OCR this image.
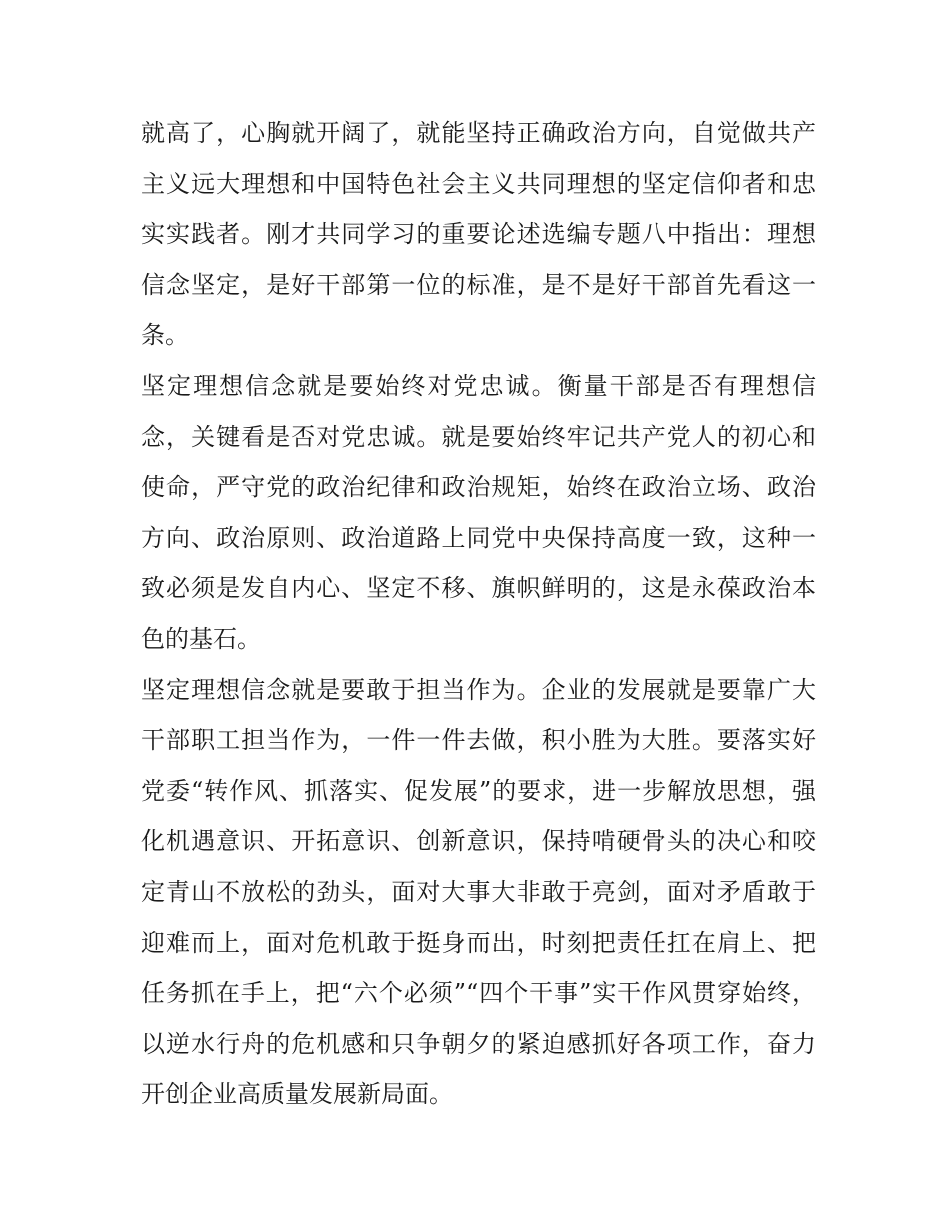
就高了，心胸就开阔了，就能坚持正确政治方向，自觉做共产
主义远大理想和中国特色社会主义共同理想的坚定信仰者和忠
实实践者。刚才共同学习的重要论述选编专题八中指出：理想
信念坚定，是好干部第一位的标准，是不是好干部首先看这一
条。
坚定理想信念就是要始终对党忠诚。衡量干部是否有理想信
念，关键看是否对党忠诚。就是要始终牢记共产党人的初心和
使命，严守党的政治纪律和政治规矩，始终在政治立场、政治
方向、政治原则、政治道路上同党中央保持高度一致，这种一
致必须是发自内心、坚定不移、旗帜鲜明的，这是永葆政治本
色的基石。
坚定理想信念就是要敢于担当作为。企业的发展就是要靠广大
干部职工担当作为，一件一件去做，积小胜为大胜。要落实好
党委“转作风、抓落实、促发展”的要求，进一步解放思想，强
化机遇意识、开拓意识、创新意识，保持啃硬骨头的决心和咬
定青山不放松的劲头，面对大事大非敢于亮剑，面对矛盾敢于
迎难而上，面对危机敢于挺身而出，时刻把责任扛在肩上、把
任务抓在手上，把“六个必须”“四个干事”实干作风贯穿始终，
以逆水行舟的危机感和只争朝夕的紧迫感抓好各项工作，奋力
开创企业高质量发展新局面。
